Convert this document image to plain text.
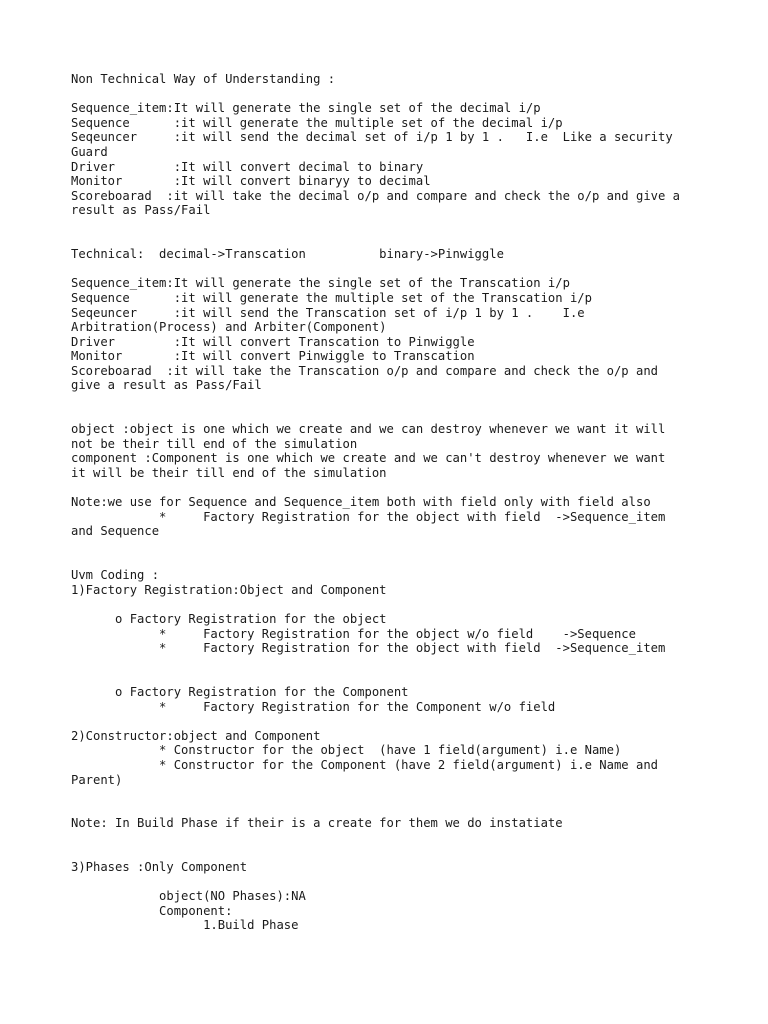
Non Technical Way of Understanding :
Sequence_item:It will generate the single set of the decimal i/p
Sequence      :it will generate the multiple set of the decimal i/p
Seqeuncer     :it will send the decimal set of i/p 1 by 1 .   I.e  Like a security
Guard
Driver        :It will convert decimal to binary
Monitor       :It will convert binaryy to decimal
Scoreboarad  :it will take the decimal o/p and compare and check the o/p and give a
result as Pass/Fail
Technical:  decimal->Transcation          binary->Pinwiggle
Sequence_item:It will generate the single set of the Transcation i/p
Sequence      :it will generate the multiple set of the Transcation i/p
Seqeuncer     :it will send the Transcation set of i/p 1 by 1 .    I.e
Arbitration(Process) and Arbiter(Component)
Driver        :It will convert Transcation to Pinwiggle
Monitor       :It will convert Pinwiggle to Transcation
Scoreboarad  :it will take the Transcation o/p and compare and check the o/p and
give a result as Pass/Fail
object :object is one which we create and we can destroy whenever we want it will
not be their till end of the simulation
component :Component is one which we create and we can't destroy whenever we want
it will be their till end of the simulation
Note:we use for Sequence and Sequence_item both with field only with field also
*     Factory Registration for the object with field  ->Sequence_item
and Sequence
Uvm Coding :
1)Factory Registration:Object and Component
o Factory Registration for the object
*     Factory Registration for the object w/o field    ->Sequence
*     Factory Registration for the object with field  ->Sequence_item
o Factory Registration for the Component
*     Factory Registration for the Component w/o field
2)Constructor:object and Component
* Constructor for the object  (have 1 field(argument) i.e Name)
* Constructor for the Component (have 2 field(argument) i.e Name and
Parent)
Note: In Build Phase if their is a create for them we do instatiate
3)Phases :Only Component
object(NO Phases):NA
Component:
1.Build Phase
